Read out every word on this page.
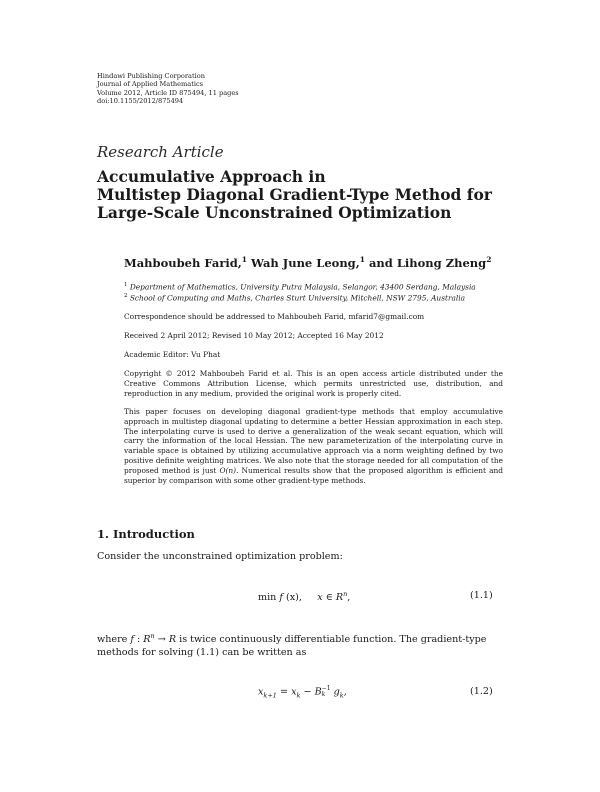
Hindawi Publishing Corporation
Journal of Applied Mathematics
Volume 2012, Article ID 875494, 11 pages
doi:10.1155/2012/875494
Research Article
Accumulative Approach in
Multistep Diagonal Gradient-Type Method for
Large-Scale Unconstrained Optimization
Mahboubeh Farid,$^1$ Wah June Leong,$^1$ and Lihong Zheng$^2$
$^1$ Department of Mathematics, University Putra Malaysia, Selangor, 43400 Serdang, Malaysia
$^2$ School of Computing and Maths, Charles Sturt University, Mitchell, NSW 2795, Australia
Correspondence should be addressed to Mahboubeh Farid, mfarid7@gmail.com
Received 2 April 2012; Revised 10 May 2012; Accepted 16 May 2012
Academic Editor: Vu Phat
Copyright © 2012 Mahboubeh Farid et al. This is an open access article distributed under the Creative Commons Attribution License, which permits unrestricted use, distribution, and reproduction in any medium, provided the original work is properly cited.
This paper focuses on developing diagonal gradient-type methods that employ accumulative approach in multistep diagonal updating to determine a better Hessian approximation in each step. The interpolating curve is used to derive a generalization of the weak secant equation, which will carry the information of the local Hessian. The new parameterization of the interpolating curve in variable space is obtained by utilizing accumulative approach via a norm weighting defined by two positive definite weighting matrices. We also note that the storage needed for all computation of the proposed method is just O(n). Numerical results show that the proposed algorithm is efficient and superior by comparison with some other gradient-type methods.
1. Introduction
Consider the unconstrained optimization problem:
min f (x), x ∈ $R^n$,	(1.1)
where f : $R^n \to R$ is twice continuously differentiable function. The gradient-type methods for solving (1.1) can be written as
$x_{k+1} = x_k - B -1$
k $g_k$,	(1.2)
